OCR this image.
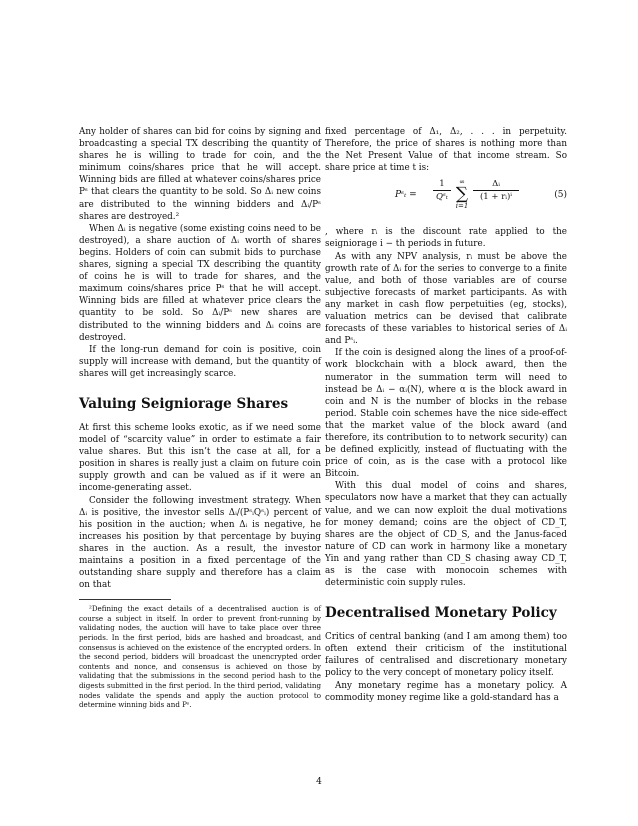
Any holder of shares can bid for coins by signing and broadcasting a special TX describing the quantity of shares he is willing to trade for coin, and the minimum coins/shares price that he will accept. Winning bids are filled at whatever coins/shares price Pˢ that clears the quantity to be sold. So Δᵢ new coins are distributed to the winning bidders and Δᵢ/Pˢ shares are destroyed.²

When Δᵢ is negative (some existing coins need to be destroyed), a share auction of Δᵢ worth of shares begins. Holders of coin can submit bids to purchase shares, signing a special TX describing the quantity of coins he is will to trade for shares, and the maximum coins/shares price Pˢ that he will accept. Winning bids are filled at whatever price clears the quantity to be sold. So Δᵢ/Pˢ new shares are distributed to the winning bidders and Δᵢ coins are destroyed.

If the long-run demand for coin is positive, coin supply will increase with demand, but the quantity of shares will get increasingly scarce.

Valuing Seigniorage Shares

At first this scheme looks exotic, as if we need some model of “scarcity value” in order to estimate a fair value shares. But this isn’t the case at all, for a position in shares is really just a claim on future coin supply growth and can be valued as if it were an income-generating asset.

Consider the following investment strategy. When Δᵢ is positive, the investor sells Δᵢ/(PˢᵢQˢᵢ) percent of his position in the auction; when Δᵢ is negative, he increases his position by that percentage by buying shares in the auction. As a result, the investor maintains a position in a fixed percentage of the outstanding share supply and therefore has a claim on that

²Defining the exact details of a decentralised auction is of course a subject in itself. In order to prevent front-running by validating nodes, the auction will have to take place over three periods. In the first period, bids are hashed and broadcast, and consensus is achieved on the existence of the encrypted orders. In the second period, bidders will broadcast the unencrypted order contents and nonce, and consensus is achieved on those by validating that the submissions in the second period hash to the digests submitted in the first period. In the third period, validating nodes validate the spends and apply the auction protocol to determine winning bids and Pˢ.

fixed percentage of Δ₁, Δ₂, . . . in perpetuity. Therefore, the price of shares is nothing more than the Net Present Value of that income stream. So share price at time t is:

Pˢₜ =
1
Qˢₜ
∞
∑
i=1
Δᵢ
(1 + rᵢ)ⁱ	(5)

, where rᵢ is the discount rate applied to the seigniorage i − th periods in future.

As with any NPV analysis, rᵢ must be above the growth rate of Δᵢ for the series to converge to a finite value, and both of those variables are of course subjective forecasts of market participants. As with any market in cash flow perpetuities (eg, stocks), valuation metrics can be devised that calibrate forecasts of these variables to historical series of Δᵢ and Pˢᵢ.

If the coin is designed along the lines of a proof-of-work blockchain with a block award, then the numerator in the summation term will need to instead be Δᵢ − αᵢ(N), where α is the block award in coin and N is the number of blocks in the rebase period. Stable coin schemes have the nice side-effect that the market value of the block award (and therefore, its contribution to to network security) can be defined explicitly, instead of fluctuating with the price of coin, as is the case with a protocol like Bitcoin.

With this dual model of coins and shares, speculators now have a market that they can actually value, and we can now exploit the dual motivations for money demand; coins are the object of CD_T, shares are the object of CD_S, and the Janus-faced nature of CD can work in harmony like a monetary Yin and yang rather than CD_S chasing away CD_T, as is the case with monocoin schemes with deterministic coin supply rules.

Decentralised Monetary Policy

Critics of central banking (and I am among them) too often extend their criticism of the institutional failures of centralised and discretionary monetary policy to the very concept of monetary policy itself.

Any monetary regime has a monetary policy. A commodity money regime like a gold-standard has a

4
